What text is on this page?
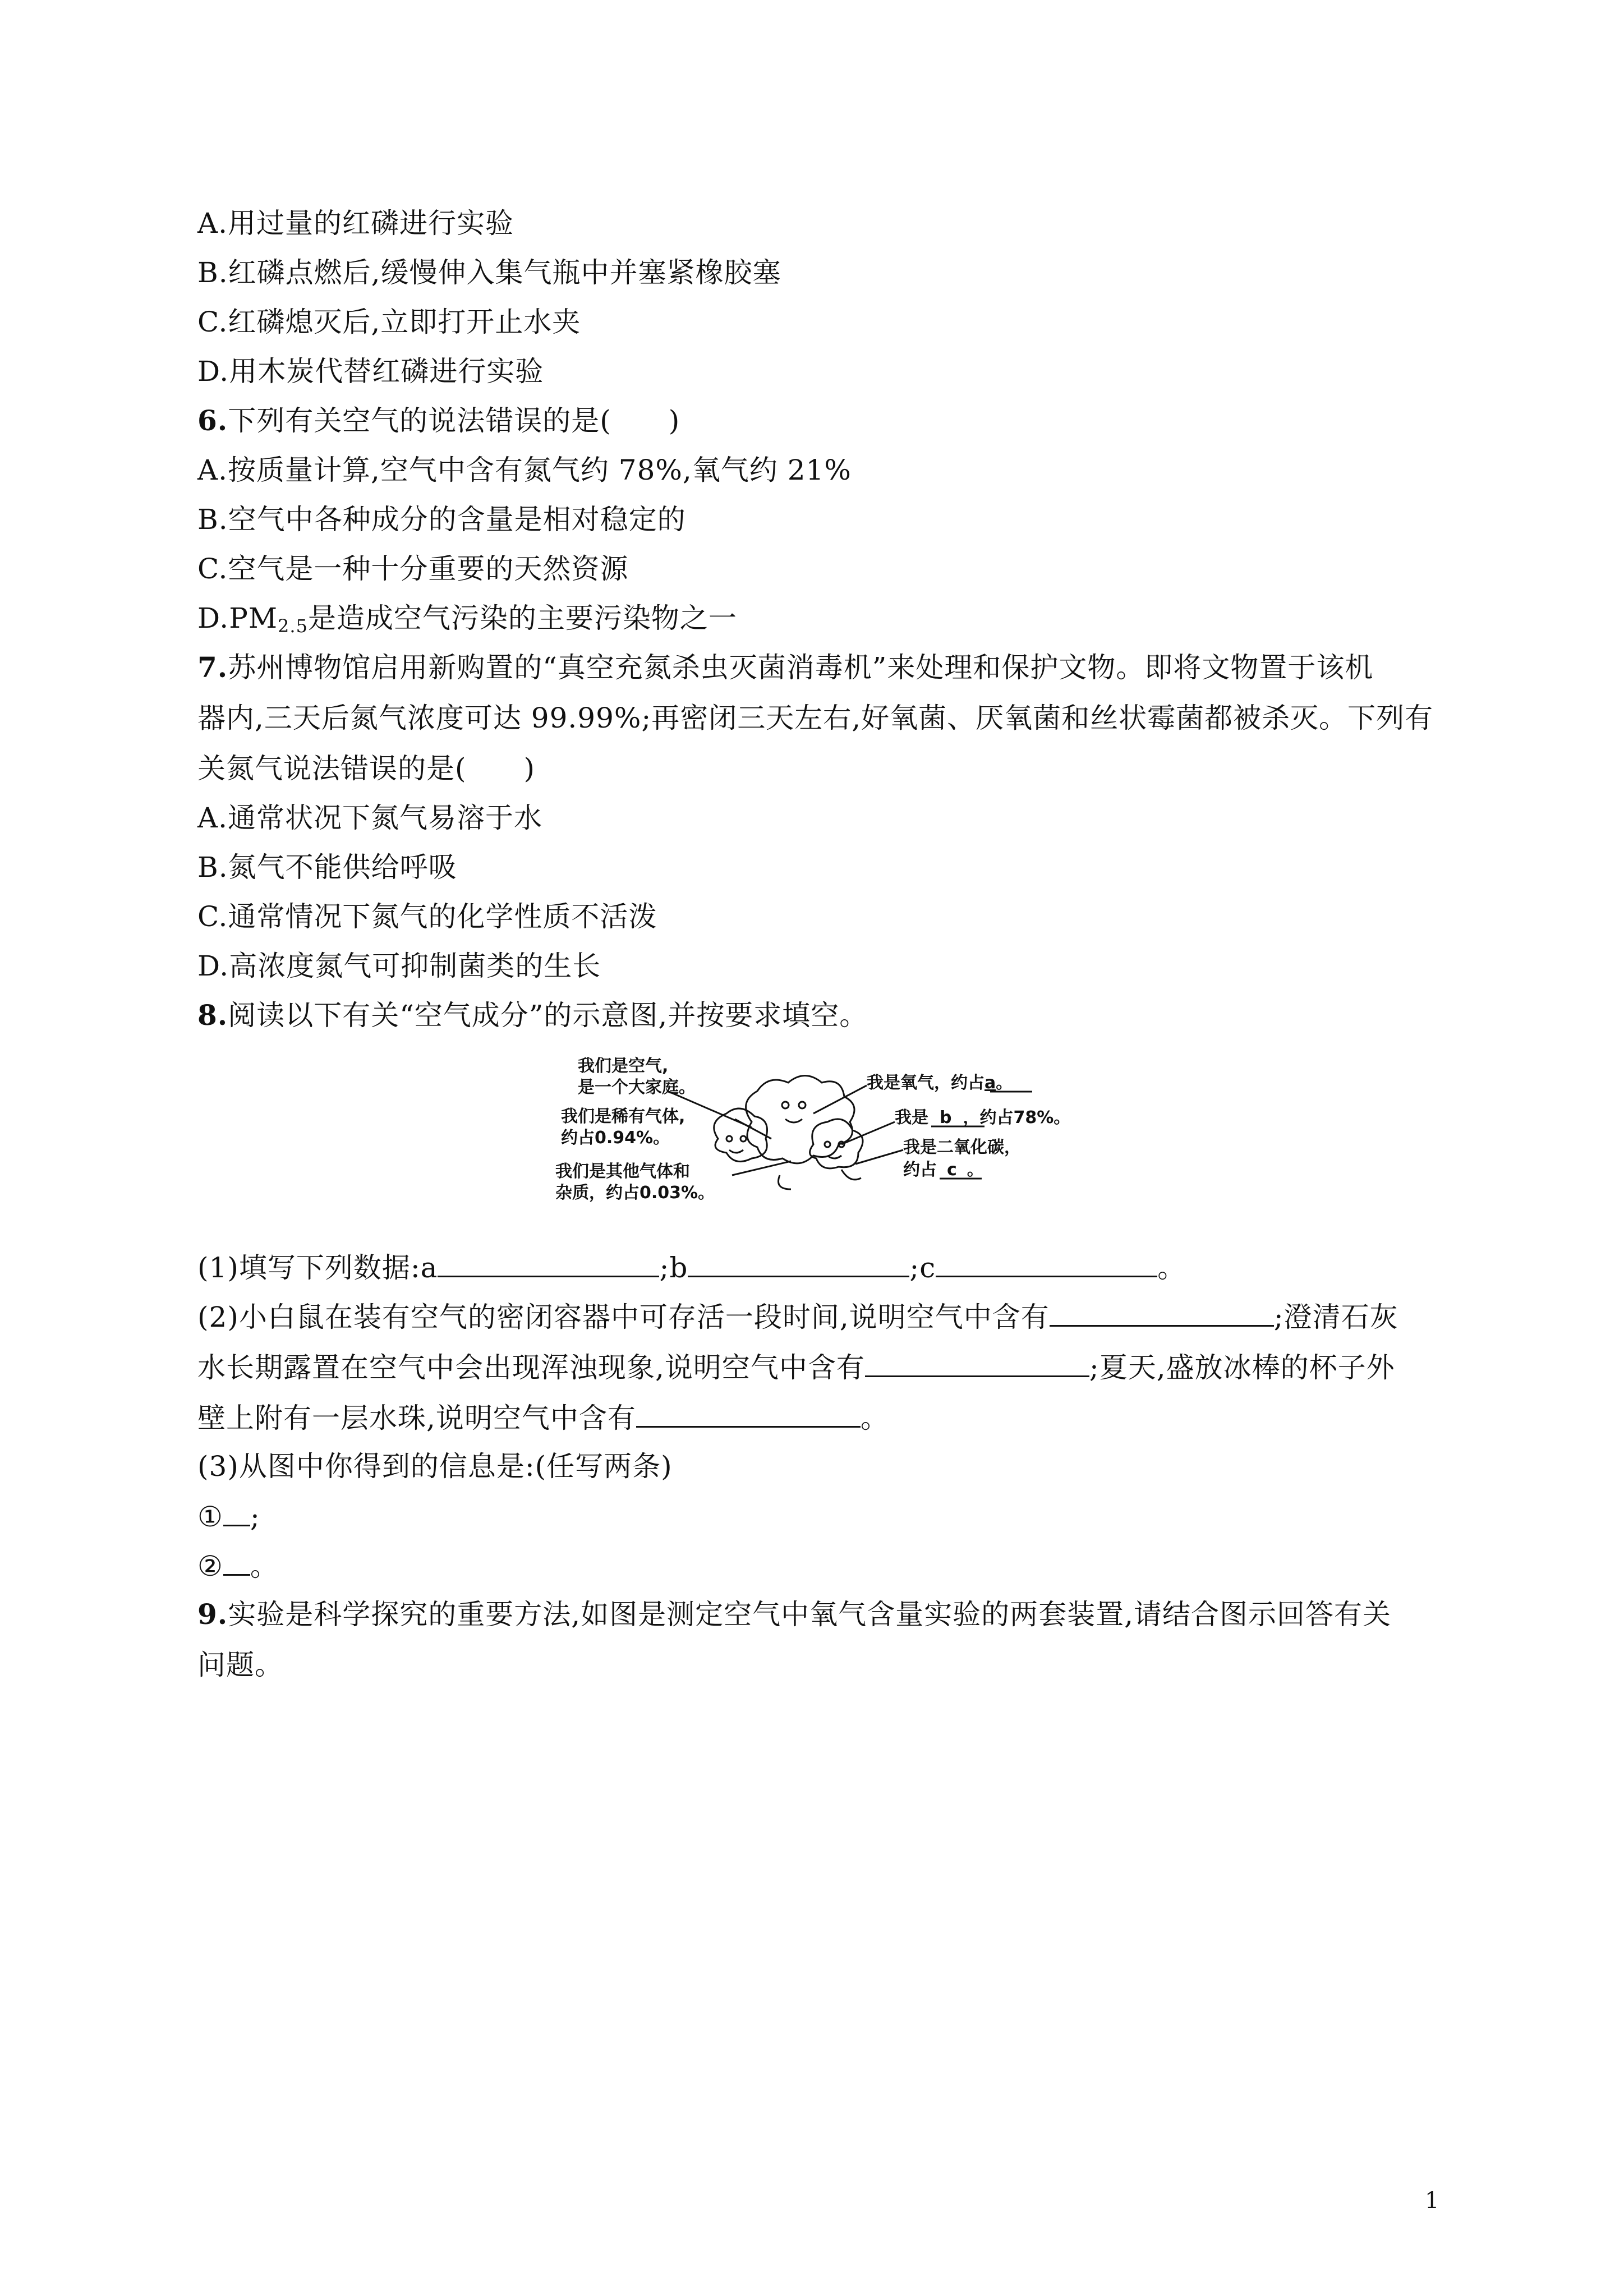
A.用过量的红磷进行实验
B.红磷点燃后,缓慢伸入集气瓶中并塞紧橡胶塞
C.红磷熄灭后,立即打开止水夹
D.用木炭代替红磷进行实验
6.下列有关空气的说法错误的是(　　)
A.按质量计算,空气中含有氮气约 78%,氧气约 21%
B.空气中各种成分的含量是相对稳定的
C.空气是一种十分重要的天然资源
$D.PM_{2.5}$是造成空气污染的主要污染物之一
7.苏州博物馆启用新购置的“真空充氮杀虫灭菌消毒机”来处理和保护文物。即将文物置于该机
器内,三天后氮气浓度可达 99.99%;再密闭三天左右,好氧菌、厌氧菌和丝状霉菌都被杀灭。下列有
关氮气说法错误的是(　　)
A.通常状况下氮气易溶于水
B.氮气不能供给呼吸
C.通常情况下氮气的化学性质不活泼
D.高浓度氮气可抑制菌类的生长
8.阅读以下有关“空气成分”的示意图,并按要求填空。
我们是空气,
是一个大家庭。	我是氧气，约占a。
我们是稀有气体,
约占0.94%。
我是 b ，约占78%。
我是二氧化碳，
约占 c 。
我们是其他气体和
杂质，约占0.03%。
(1)填写下列数据:a	;b	;c	。
(2)小白鼠在装有空气的密闭容器中可存活一段时间,说明空气中含有	;澄清石灰
水长期露置在空气中会出现浑浊现象,说明空气中含有	;夏天,盛放冰棒的杯子外
壁上附有一层水珠,说明空气中含有	。
(3)从图中你得到的信息是:(任写两条)
① ;
② 。
9.实验是科学探究的重要方法,如图是测定空气中氧气含量实验的两套装置,请结合图示回答有关
问题。
1
